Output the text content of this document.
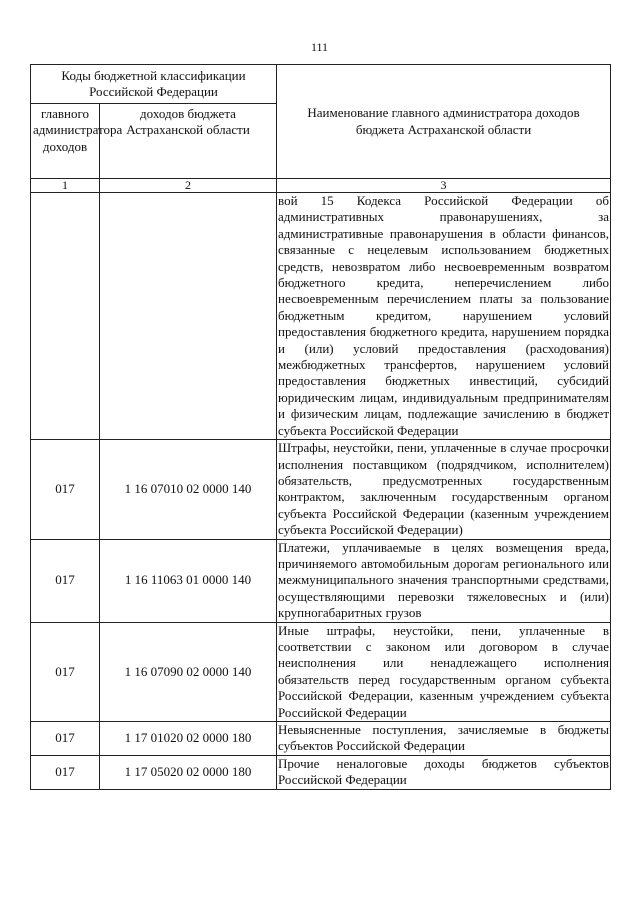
111
Коды бюджетной классификации Российской Федерации		Наименование главного администратора доходов бюджета Астраханской области
главного администратора доходов	доходов бюджета Астраханской области	
1	2	3
		вой 15 Кодекса Российской Федерации об административных правонарушениях, за административные правонарушения в области финансов, связанные с нецелевым использованием бюджетных средств, невозвратом либо несвоевременным возвратом бюджетного кредита, неперечислением либо несвоевременным перечислением платы за пользование бюджетным кредитом, нарушением условий предоставления бюджетного кредита, нарушением порядка и (или) условий предоставления (расходования) межбюджетных трансфертов, нарушением условий предоставления бюджетных инвестиций, субсидий юридическим лицам, индивидуальным предпринимателям и физическим лицам, подлежащие зачислению в бюджет субъекта Российской Федерации
017	1 16 07010 02 0000 140	Штрафы, неустойки, пени, уплаченные в случае просрочки исполнения поставщиком (подрядчиком, исполнителем) обязательств, предусмотренных государственным контрактом, заключенным государственным органом субъекта Российской Федерации (казенным учреждением субъекта Российской Федерации)
017	1 16 11063 01 0000 140	Платежи, уплачиваемые в целях возмещения вреда, причиняемого автомобильным дорогам регионального или межмуниципального значения транспортными средствами, осуществляющими перевозки тяжеловесных и (или) крупногабаритных грузов
017	1 16 07090 02 0000 140	Иные штрафы, неустойки, пени, уплаченные в соответствии с законом или договором в случае неисполнения или ненадлежащего исполнения обязательств перед государственным органом субъекта Российской Федерации, казенным учреждением субъекта Российской Федерации
017	1 17 01020 02 0000 180	Невыясненные поступления, зачисляемые в бюджеты субъектов Российской Федерации
017	1 17 05020 02 0000 180	Прочие неналоговые доходы бюджетов субъектов Российской Федерации
